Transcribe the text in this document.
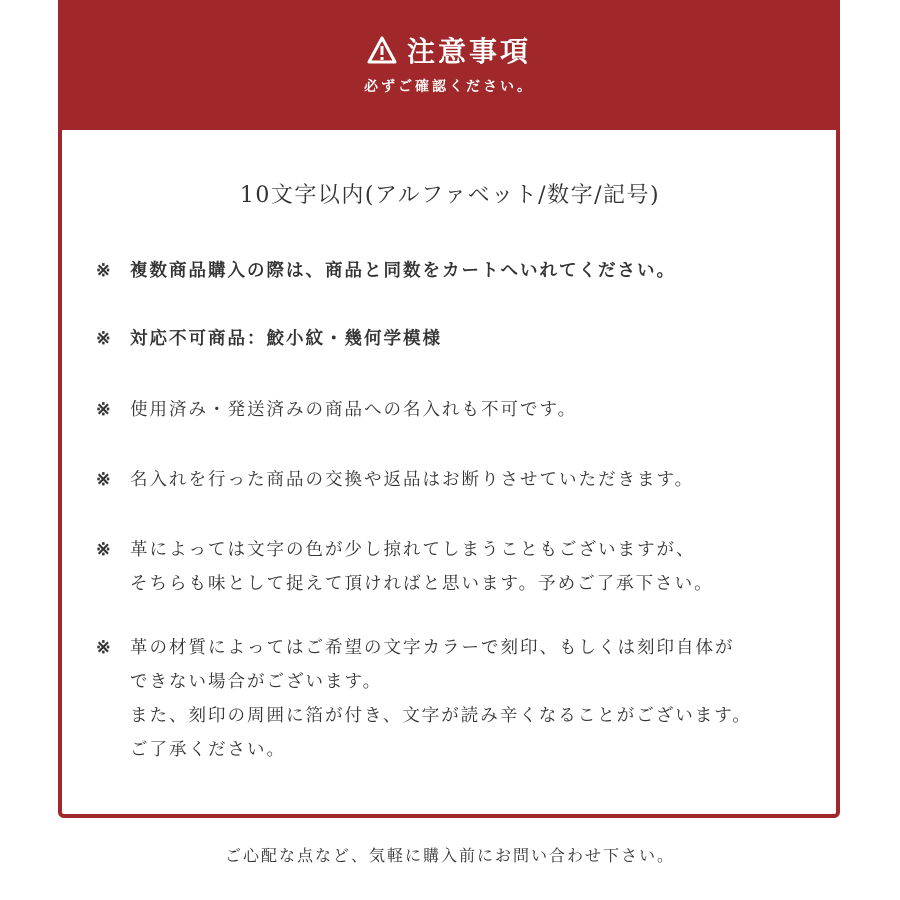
注意事項
必ずご確認ください。
10文字以内(アルファベット/数字/記号)
※ 複数商品購入の際は、商品と同数をカートへいれてください。
※ 対応不可商品：鮫小紋・幾何学模様
※ 使用済み・発送済みの商品への名入れも不可です。
※ 名入れを行った商品の交換や返品はお断りさせていただきます。
※ 革によっては文字の色が少し掠れてしまうこともございますが、
そちらも味として捉えて頂ければと思います。予めご了承下さい。
※ 革の材質によってはご希望の文字カラーで刻印、もしくは刻印自体が
できない場合がございます。
また、刻印の周囲に箔が付き、文字が読み辛くなることがございます。
ご了承ください。
ご心配な点など、気軽に購入前にお問い合わせ下さい。
